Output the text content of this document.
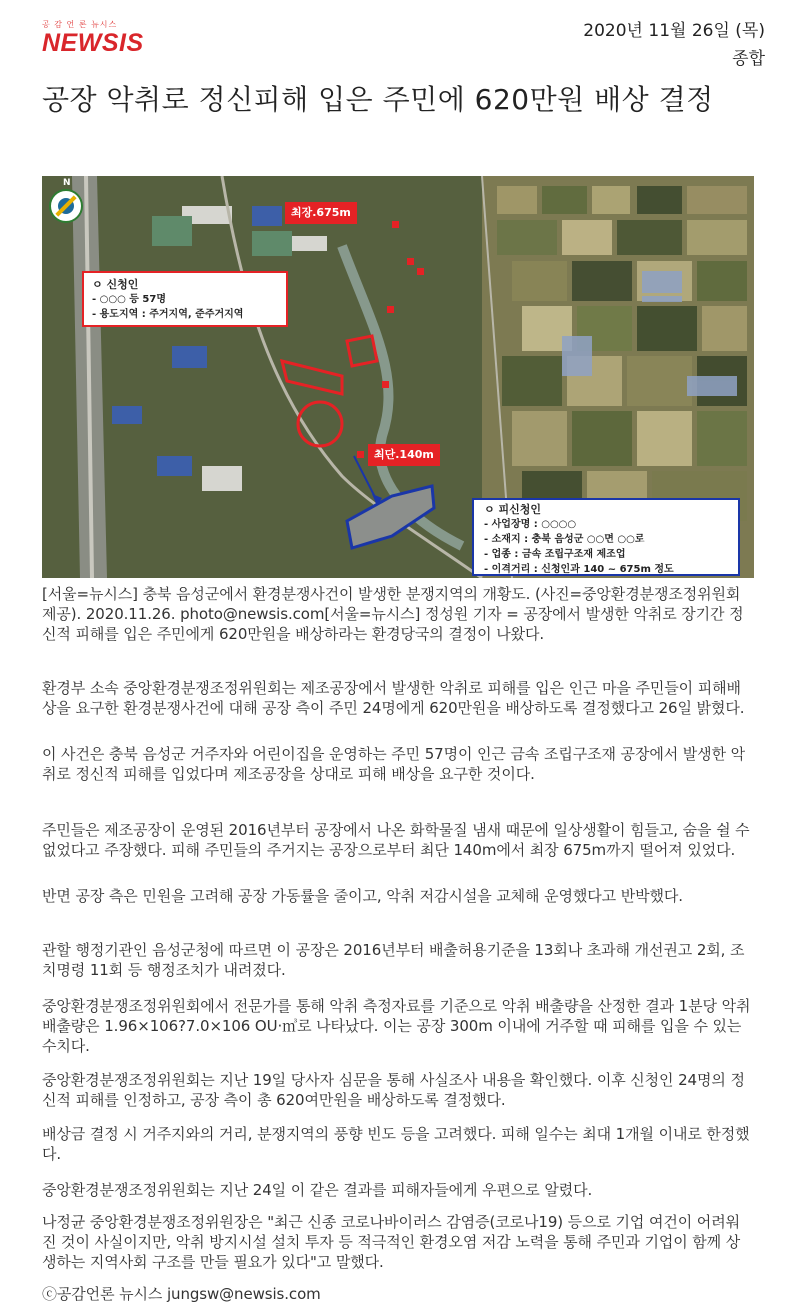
공 감 언 론 뉴시스
NEWSIS	2020년 11월 26일 (목)
종합
공장 악취로 정신피해 입은 주민에 620만원 배상 결정
N
최장.675m
최단.140m
ㅇ 신청인
- ○○○ 등 57명
- 용도지역 : 주거지역, 준주거지역
ㅇ 피신청인
- 사업장명 : ○○○○
- 소재지 : 충북 음성군 ○○면 ○○로
- 업종 : 금속 조립구조재 제조업
- 이격거리 : 신청인과 140 ~ 675m 정도
NEWSIS

[서울=뉴시스] 충북 음성군에서 환경분쟁사건이 발생한 분쟁지역의 개황도. (사진=중앙환경분쟁조정위원회 제공). 2020.11.26. photo@newsis.com[서울=뉴시스] 정성원 기자 = 공장에서 발생한 악취로 장기간 정신적 피해를 입은 주민에게 620만원을 배상하라는 환경당국의 결정이 나왔다.

환경부 소속 중앙환경분쟁조정위원회는 제조공장에서 발생한 악취로 피해를 입은 인근 마을 주민들이 피해배상을 요구한 환경분쟁사건에 대해 공장 측이 주민 24명에게 620만원을 배상하도록 결정했다고 26일 밝혔다.

이 사건은 충북 음성군 거주자와 어린이집을 운영하는 주민 57명이 인근 금속 조립구조재 공장에서 발생한 악취로 정신적 피해를 입었다며 제조공장을 상대로 피해 배상을 요구한 것이다.

주민들은 제조공장이 운영된 2016년부터 공장에서 나온 화학물질 냄새 때문에 일상생활이 힘들고, 숨을 쉴 수 없었다고 주장했다. 피해 주민들의 주거지는 공장으로부터 최단 140m에서 최장 675m까지 떨어져 있었다.

반면 공장 측은 민원을 고려해 공장 가동률을 줄이고, 악취 저감시설을 교체해 운영했다고 반박했다.

관할 행정기관인 음성군청에 따르면 이 공장은 2016년부터 배출허용기준을 13회나 초과해 개선권고 2회, 조치명령 11회 등 행정조치가 내려졌다.

중앙환경분쟁조정위원회에서 전문가를 통해 악취 측정자료를 기준으로 악취 배출량을 산정한 결과 1분당 악취 배출량은 1.96×106?7.0×106 OU·㎥로 나타났다. 이는 공장 300m 이내에 거주할 때 피해를 입을 수 있는 수치다.

중앙환경분쟁조정위원회는 지난 19일 당사자 심문을 통해 사실조사 내용을 확인했다. 이후 신청인 24명의 정신적 피해를 인정하고, 공장 측이 총 620여만원을 배상하도록 결정했다.

배상금 결정 시 거주지와의 거리, 분쟁지역의 풍향 빈도 등을 고려했다. 피해 일수는 최대 1개월 이내로 한정했다.

중앙환경분쟁조정위원회는 지난 24일 이 같은 결과를 피해자들에게 우편으로 알렸다.

나정균 중앙환경분쟁조정위원장은 "최근 신종 코로나바이러스 감염증(코로나19) 등으로 기업 여건이 어려워진 것이 사실이지만, 악취 방지시설 설치 투자 등 적극적인 환경오염 저감 노력을 통해 주민과 기업이 함께 상생하는 지역사회 구조를 만들 필요가 있다"고 말했다.

ⓒ공감언론 뉴시스 jungsw@newsis.com
